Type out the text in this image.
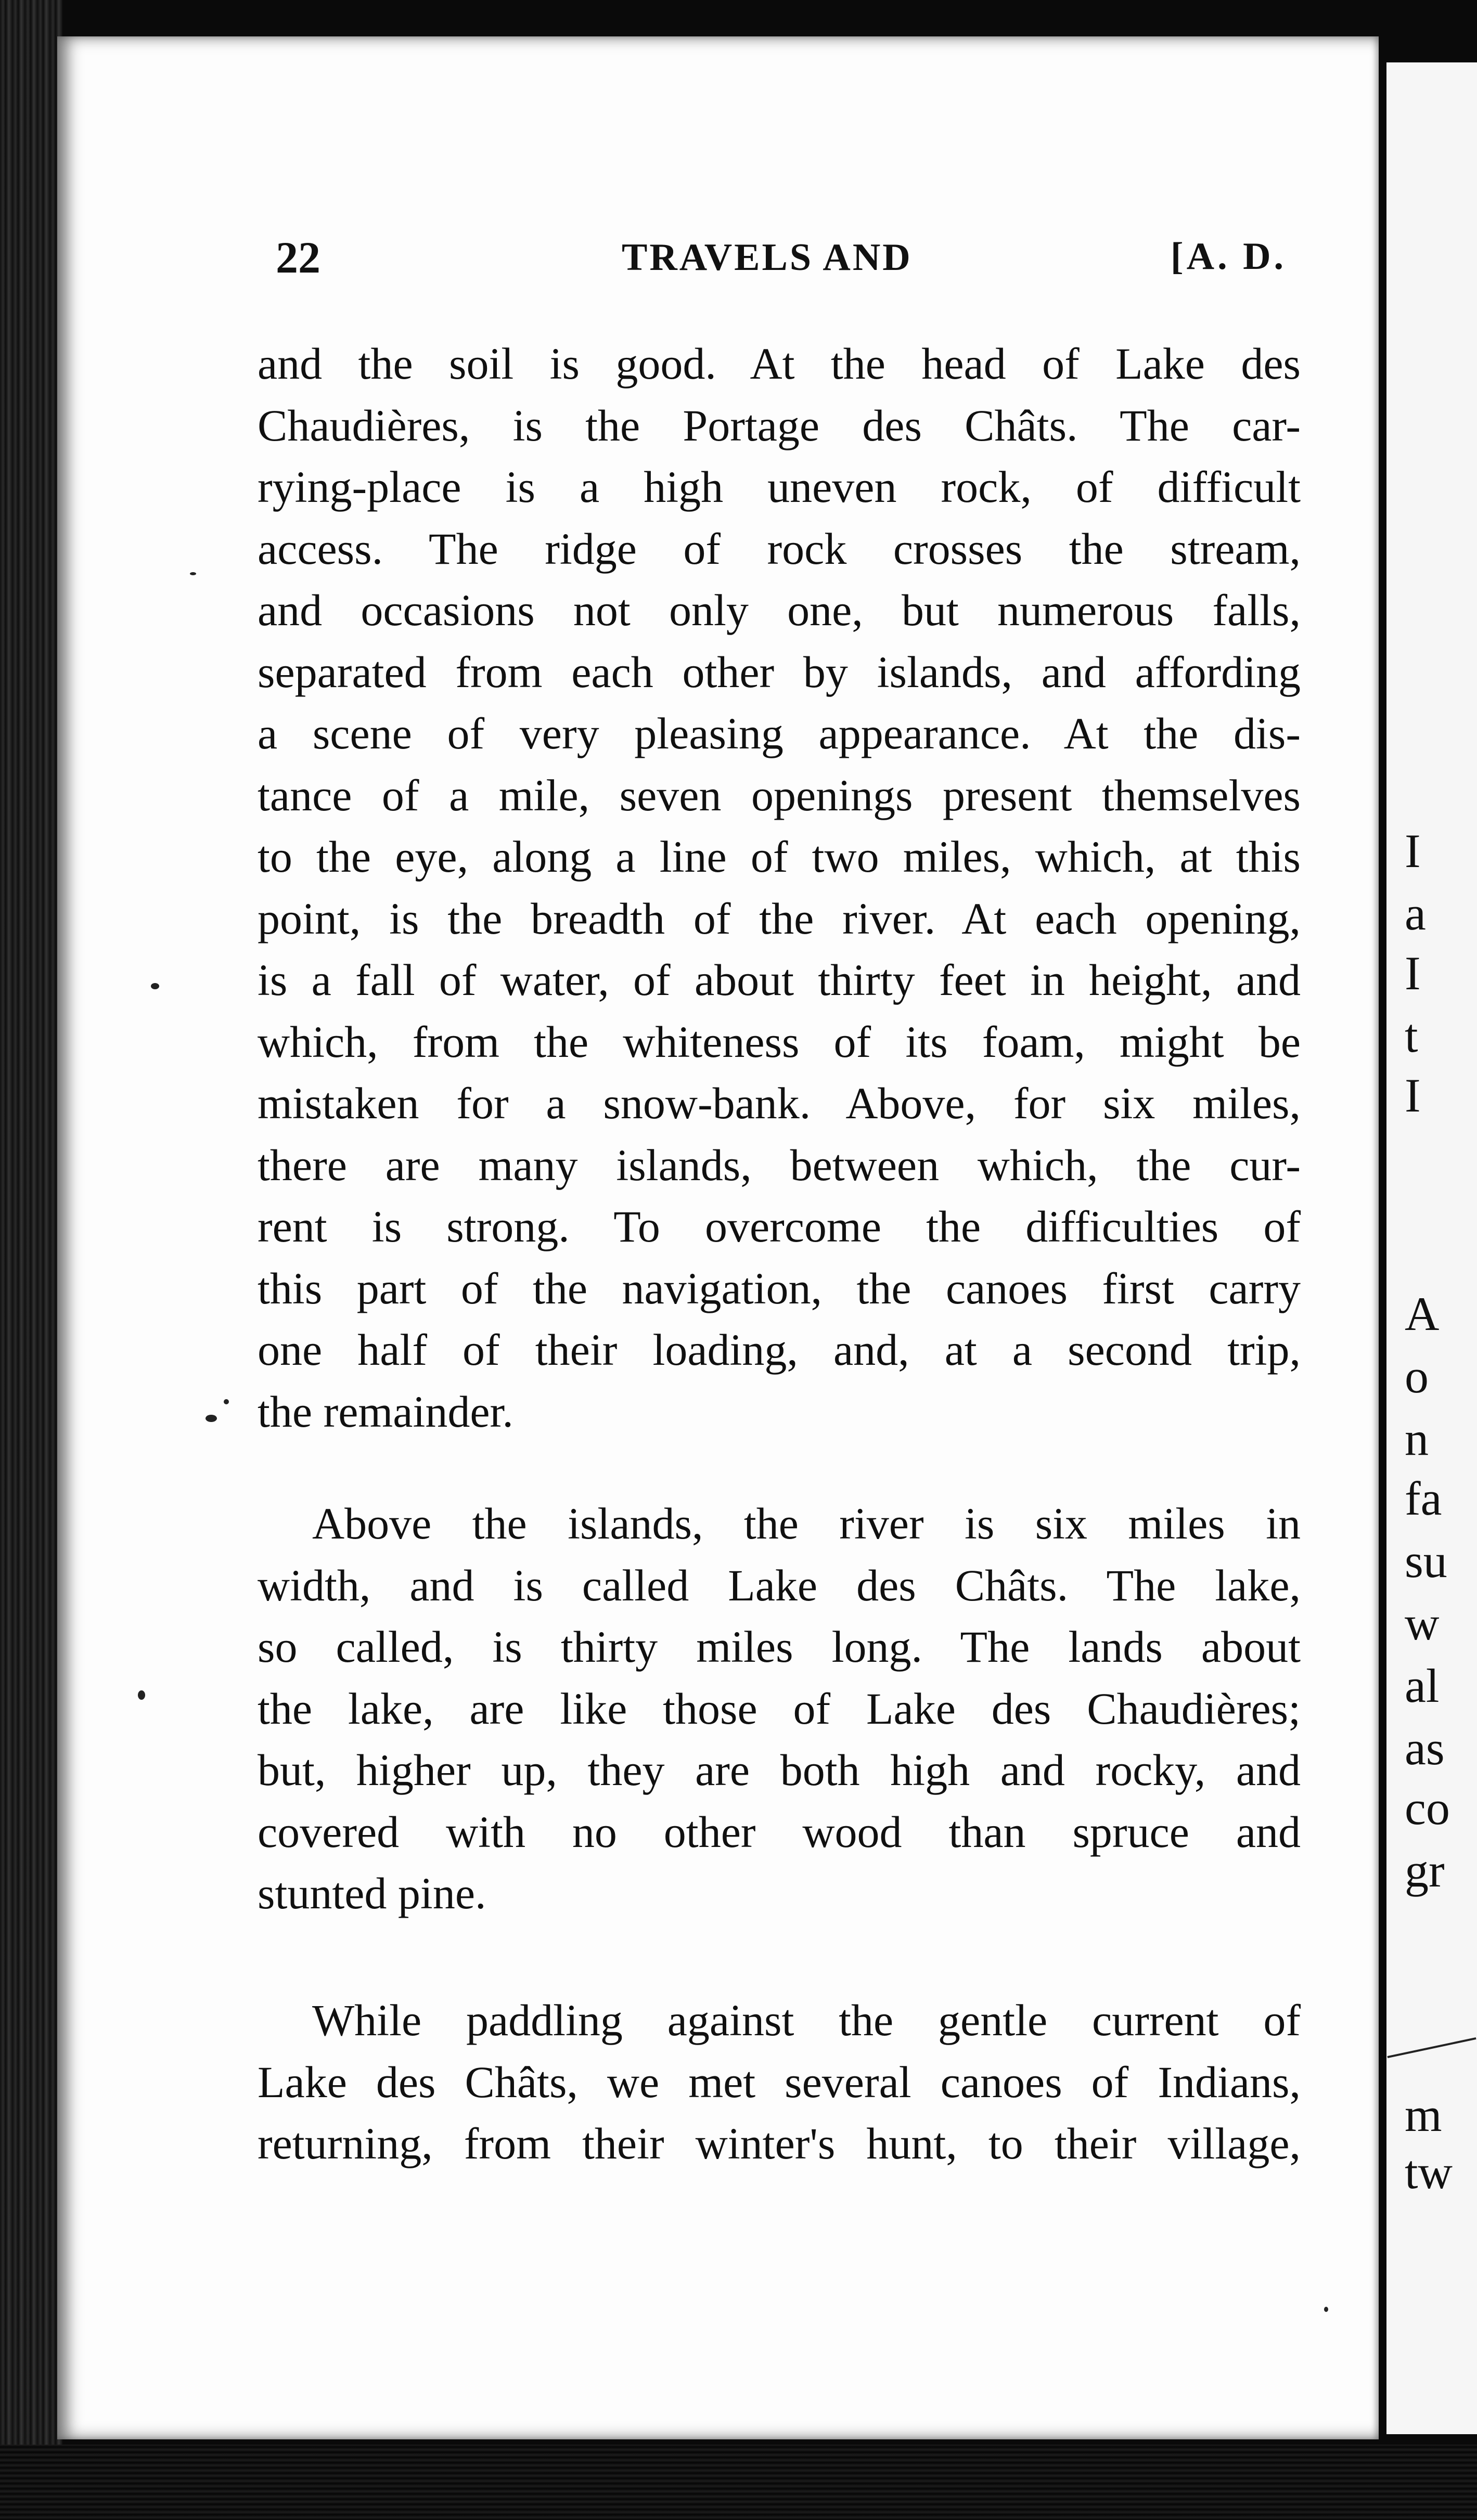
I
a
I
t
I
A
o
n
fa
su
w
al
as
co
gr
m
tw
22	TRAVELS AND	[A. D.
and the soil is good. At the head of Lake des
Chaudières, is the Portage des Châts. The car-
rying-place is a high uneven rock, of difficult
access. The ridge of rock crosses the stream,
and occasions not only one, but numerous falls,
separated from each other by islands, and affording
a scene of very pleasing appearance. At the dis-
tance of a mile, seven openings present themselves
to the eye, along a line of two miles, which, at this
point, is the breadth of the river. At each opening,
is a fall of water, of about thirty feet in height, and
which, from the whiteness of its foam, might be
mistaken for a snow-bank. Above, for six miles,
there are many islands, between which, the cur-
rent is strong. To overcome the difficulties of
this part of the navigation, the canoes first carry
one half of their loading, and, at a second trip,
the remainder.
Above the islands, the river is six miles in
width, and is called Lake des Châts. The lake,
so called, is thirty miles long. The lands about
the lake, are like those of Lake des Chaudières;
but, higher up, they are both high and rocky, and
covered with no other wood than spruce and
stunted pine.
While paddling against the gentle current of
Lake des Châts, we met several canoes of Indians,
returning, from their winter's hunt, to their village,
